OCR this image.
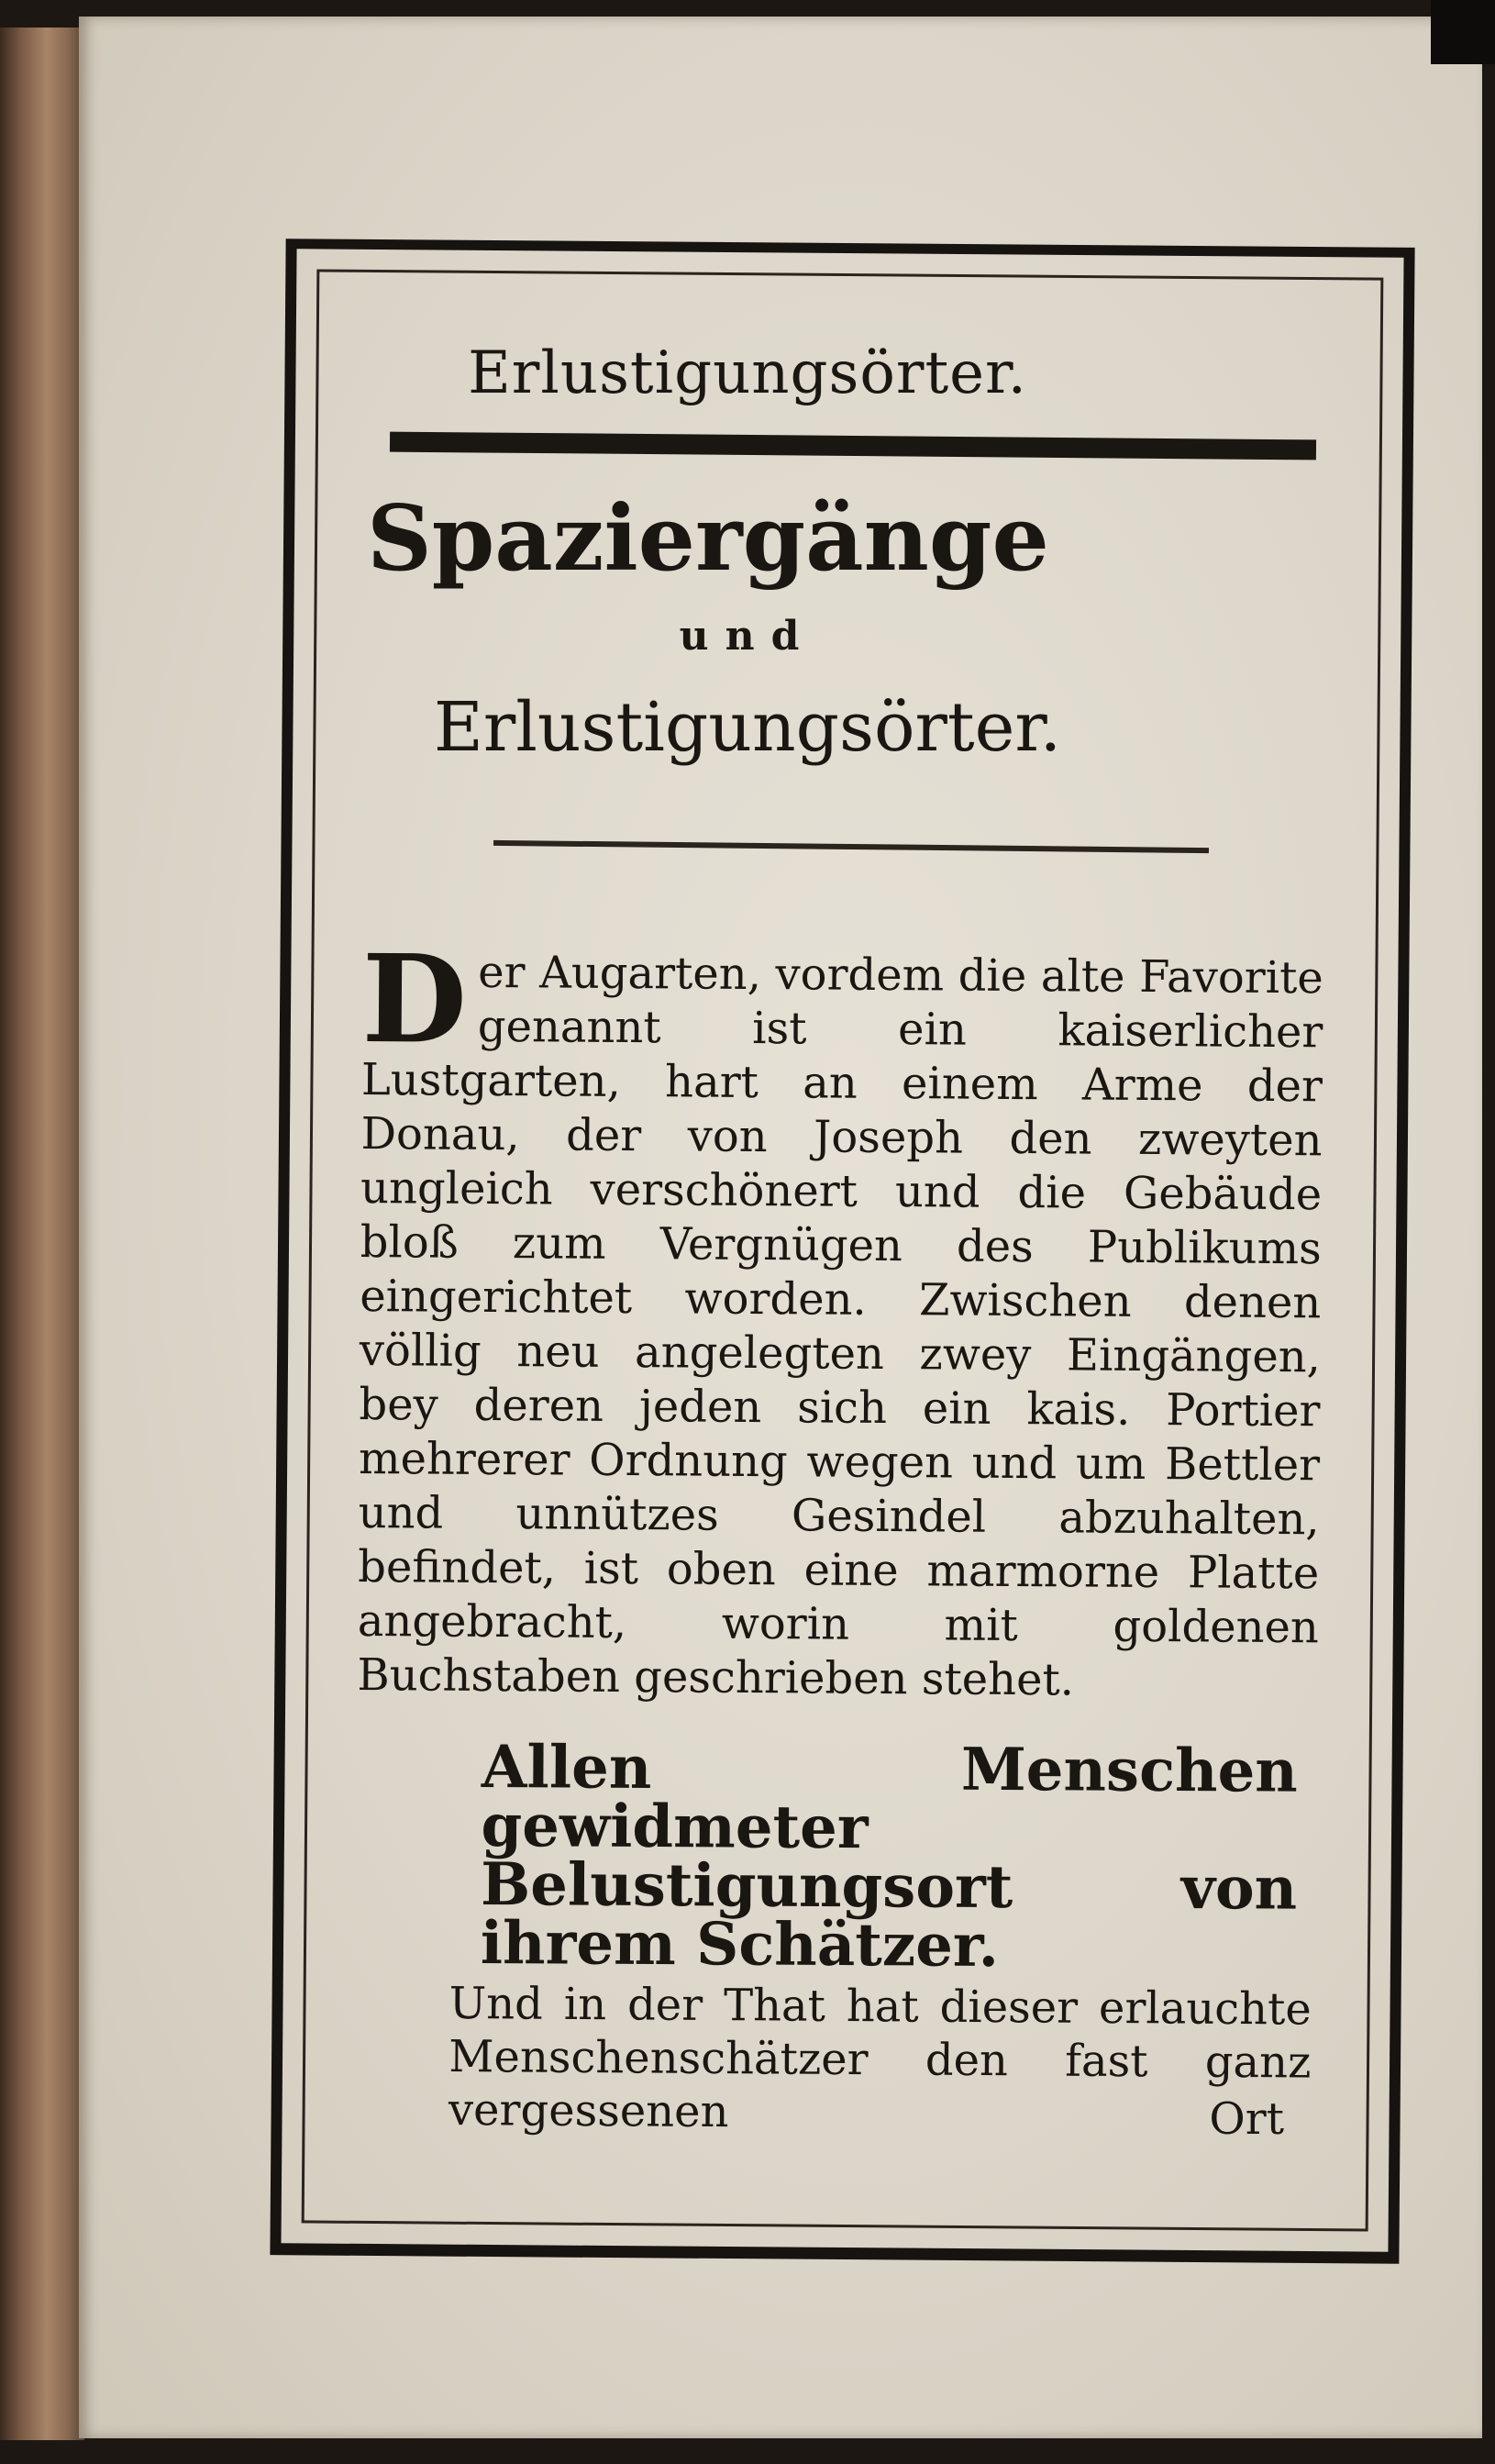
Erlustigungsörter.
Spaziergänge
und
Erlustigungsörter.
D er Augarten, vordem die alte Favorite genannt ist ein kaiserlicher Lustgarten, hart an einem Arme der Donau, der von Joseph den zweyten ungleich verschönert und die Gebäude bloß zum Vergnügen des Publikums eingerichtet worden. Zwischen denen völlig neu angelegten zwey Eingängen, bey deren jeden sich ein kais. Portier mehrerer Ordnung wegen und um Bettler und unnützes Gesindel abzuhalten, befindet, ist oben eine marmorne Platte angebracht, worin mit goldenen Buchstaben geschrieben stehet.
Allen Menschen gewidmeter Belustigungsort von ihrem Schätzer.
Und in der That hat dieser erlauchte Menschenschätzer den fast ganz vergessenen	Ort
